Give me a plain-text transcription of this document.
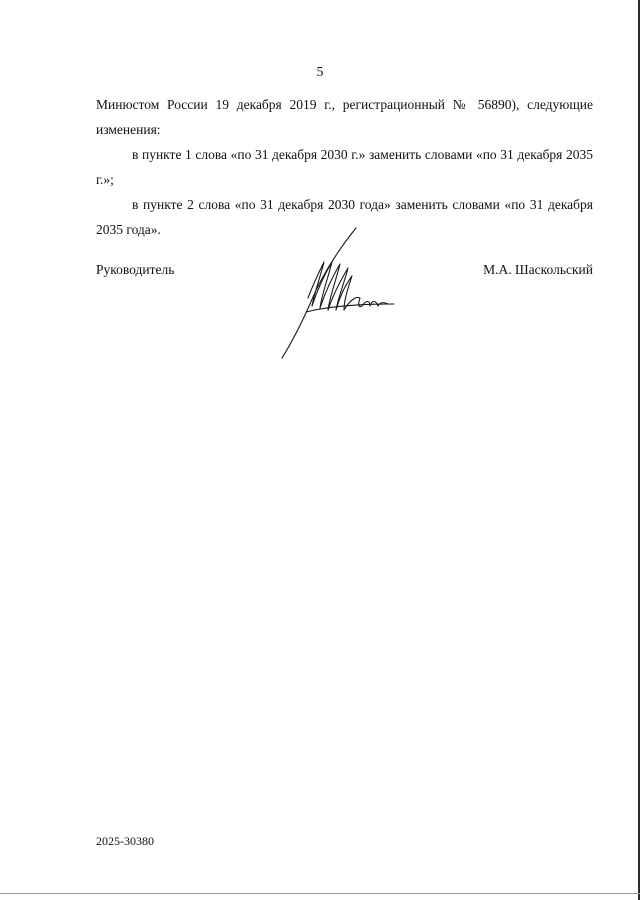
5

Минюстом России 19 декабря 2019 г., регистрационный № 56890), следующие изменения:

в пункте 1 слова «по 31 декабря 2030 г.» заменить словами «по 31 декабря 2035 г.»;

в пункте 2 слова «по 31 декабря 2030 года» заменить словами «по 31 декабря 2035 года».

Руководитель	М.А. Шаскольский
2025-30380
